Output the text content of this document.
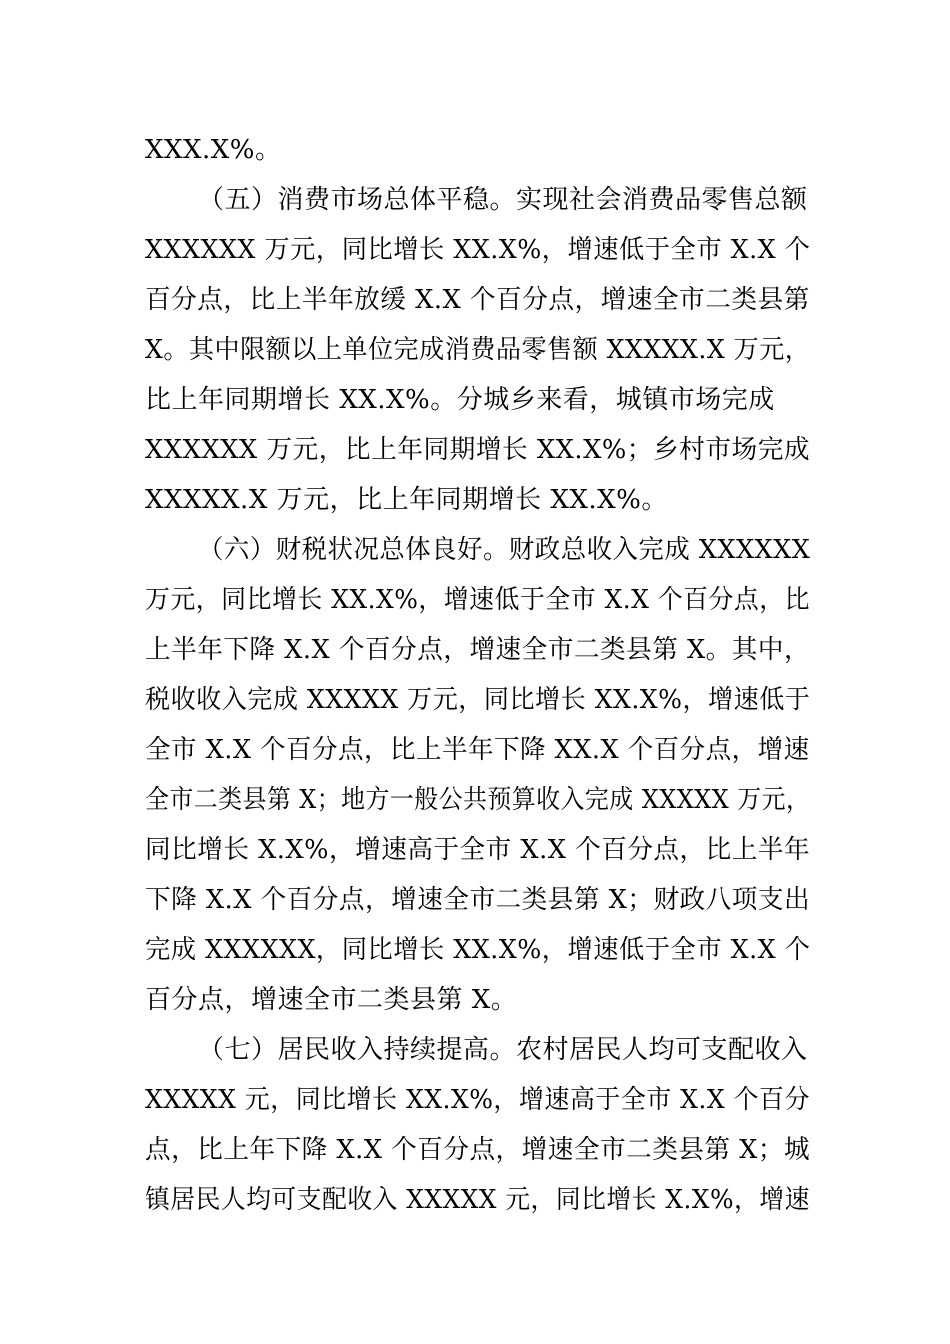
XXX.X%。
（五）消费市场总体平稳。实现社会消费品零售总额
XXXXXX 万元，同比增长 XX.X%，增速低于全市 X.X 个
百分点，比上半年放缓 X.X 个百分点，增速全市二类县第
X。其中限额以上单位完成消费品零售额 XXXXX.X 万元，
比上年同期增长 XX.X%。分城乡来看，城镇市场完成
XXXXXX 万元，比上年同期增长 XX.X%；乡村市场完成
XXXXX.X 万元，比上年同期增长 XX.X%。
（六）财税状况总体良好。财政总收入完成 XXXXXX
万元，同比增长 XX.X%，增速低于全市 X.X 个百分点，比
上半年下降 X.X 个百分点，增速全市二类县第 X。其中，
税收收入完成 XXXXX 万元，同比增长 XX.X%，增速低于
全市 X.X 个百分点，比上半年下降 XX.X 个百分点，增速
全市二类县第 X；地方一般公共预算收入完成 XXXXX 万元，
同比增长 X.X%，增速高于全市 X.X 个百分点，比上半年
下降 X.X 个百分点，增速全市二类县第 X；财政八项支出
完成 XXXXXX，同比增长 XX.X%，增速低于全市 X.X 个
百分点，增速全市二类县第 X。
（七）居民收入持续提高。农村居民人均可支配收入
XXXXX 元，同比增长 XX.X%，增速高于全市 X.X 个百分
点，比上年下降 X.X 个百分点，增速全市二类县第 X；城
镇居民人均可支配收入 XXXXX 元，同比增长 X.X%，增速
